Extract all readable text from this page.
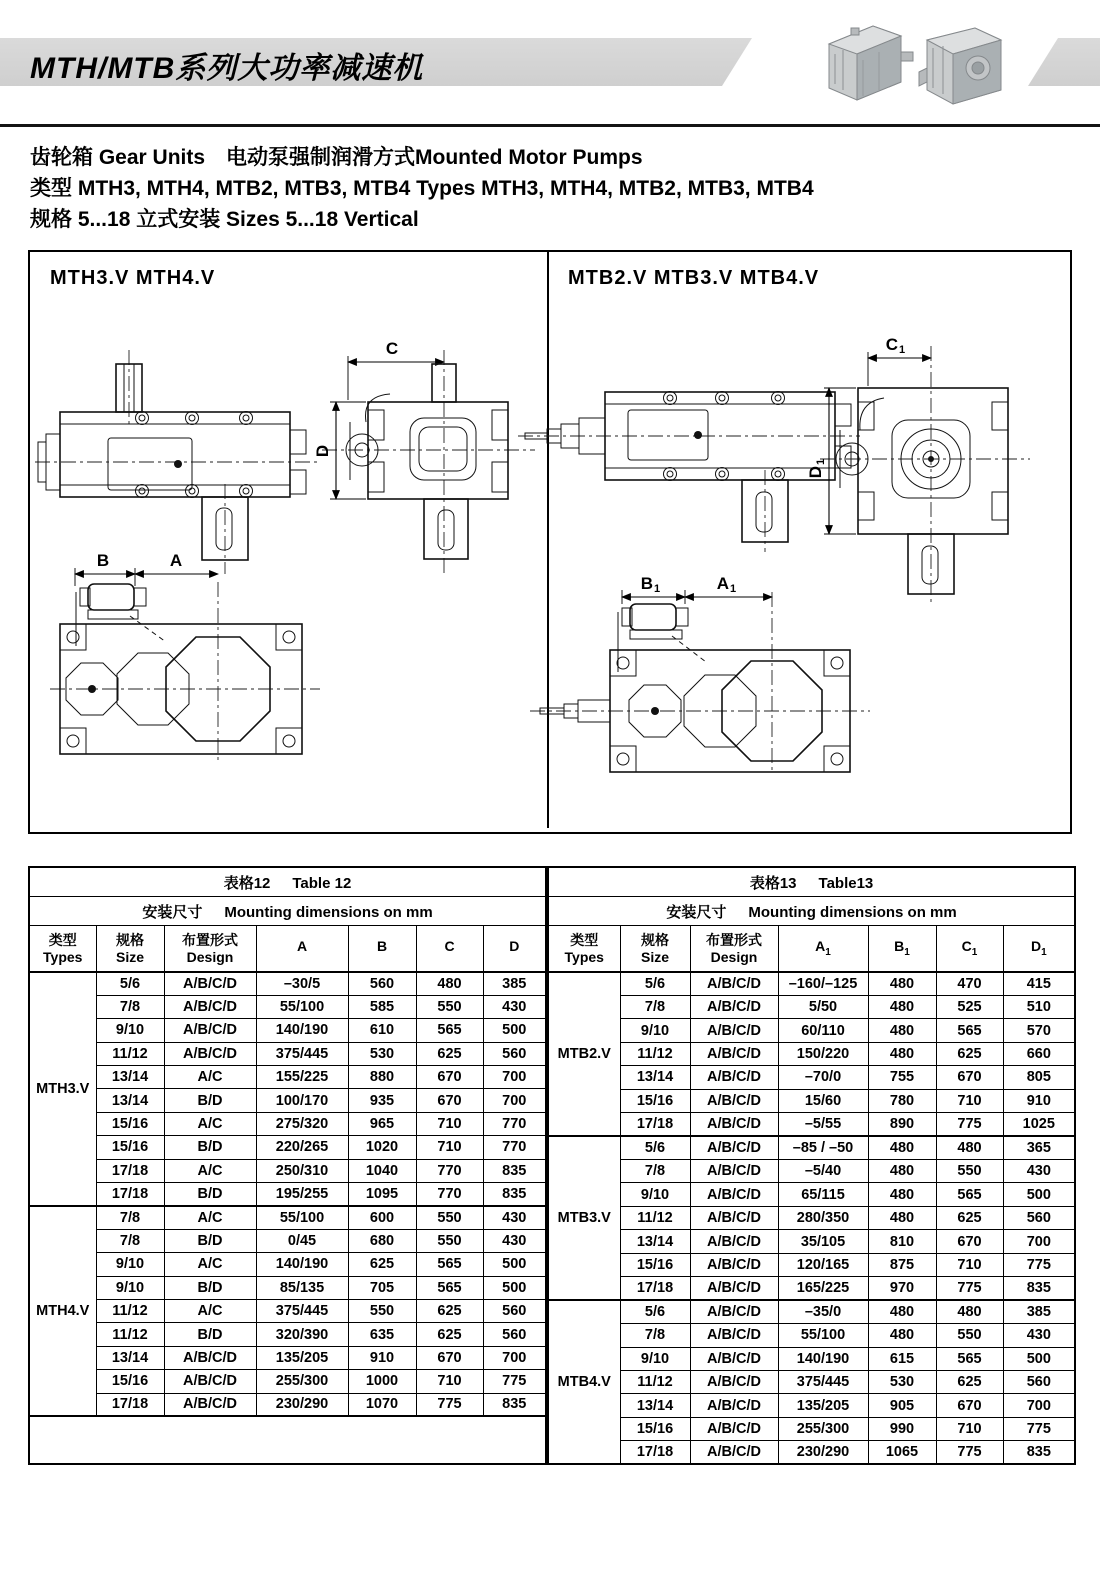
MTH/MTB系列大功率减速机

齿轮箱 Gear Units　电动泵强制润滑方式Mounted Motor Pumps

类型 MTH3, MTH4, MTB2, MTB3, MTB4 Types MTH3, MTH4, MTB2, MTB3, MTB4

规格 5...18 立式安装 Sizes 5...18 Vertical

MTH3.V MTH4.V
C
D
B	A
MTB2.V MTB3.V MTB4.V
C 1
D
1
B 1	A 1
表格12 Table 12						
安装尺寸 Mounting dimensions on mm						

类型
Types	规格
Size	布置形式
Design	A	B	C	D
MTH3.V	5/6	A/B/C/D	–30/5	560	480	385
	7/8	A/B/C/D	55/100	585	550	430
	9/10	A/B/C/D	140/190	610	565	500
	11/12	A/B/C/D	375/445	530	625	560
	13/14	A/C	155/225	880	670	700
	13/14	B/D	100/170	935	670	700
	15/16	A/C	275/320	965	710	770
	15/16	B/D	220/265	1020	710	770
	17/18	A/C	250/310	1040	770	835
	17/18	B/D	195/255	1095	770	835
MTH4.V	7/8	A/C	55/100	600	550	430
	7/8	B/D	0/45	680	550	430
	9/10	A/C	140/190	625	565	500
	9/10	B/D	85/135	705	565	500
	11/12	A/C	375/445	550	625	560
	11/12	B/D	320/390	635	625	560
	13/14	A/B/C/D	135/205	910	670	700
	15/16	A/B/C/D	255/300	1000	710	775
	17/18	A/B/C/D	230/290	1070	775	835

表格13 Table13						
安装尺寸 Mounting dimensions on mm						

类型
Types	规格
Size	布置形式
Design	$A_1$	$B_1$	$C_1$	$D_1$
MTB2.V	5/6	A/B/C/D	–160/–125	480	470	415
	7/8	A/B/C/D	5/50	480	525	510
	9/10	A/B/C/D	60/110	480	565	570
	11/12	A/B/C/D	150/220	480	625	660
	13/14	A/B/C/D	–70/0	755	670	805
	15/16	A/B/C/D	15/60	780	710	910
	17/18	A/B/C/D	–5/55	890	775	1025
MTB3.V	5/6	A/B/C/D	–85 / –50	480	480	365
	7/8	A/B/C/D	–5/40	480	550	430
	9/10	A/B/C/D	65/115	480	565	500
	11/12	A/B/C/D	280/350	480	625	560
	13/14	A/B/C/D	35/105	810	670	700
	15/16	A/B/C/D	120/165	875	710	775
	17/18	A/B/C/D	165/225	970	775	835
MTB4.V	5/6	A/B/C/D	–35/0	480	480	385
	7/8	A/B/C/D	55/100	480	550	430
	9/10	A/B/C/D	140/190	615	565	500
	11/12	A/B/C/D	375/445	530	625	560
	13/14	A/B/C/D	135/205	905	670	700
	15/16	A/B/C/D	255/300	990	710	775
	17/18	A/B/C/D	230/290	1065	775	835
